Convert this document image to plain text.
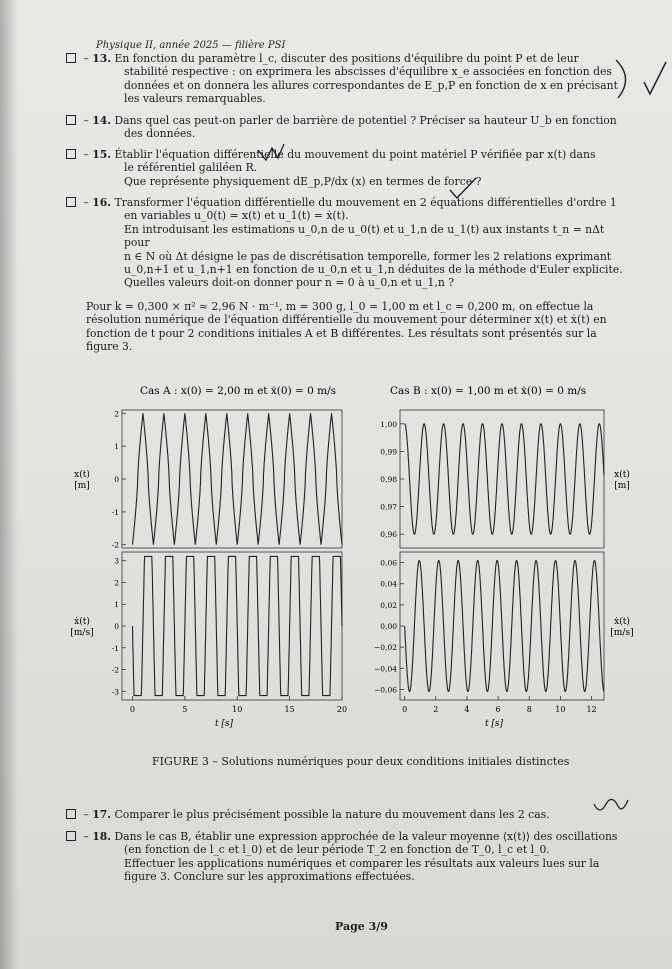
Physique II, année 2025 — filière PSI

– 13. En fonction du paramètre l_c, discuter des positions d'équilibre du point P et de leur

stabilité respective : on exprimera les abscisses d'équilibre x_e associées en fonction des

données et on donnera les allures correspondantes de E_p,P en fonction de x en précisant

les valeurs remarquables.

– 14. Dans quel cas peut-on parler de barrière de potentiel ? Préciser sa hauteur U_b en fonction

des données.

– 15. Établir l'équation différentielle du mouvement du point matériel P vérifiée par x(t) dans

le référentiel galiléen R.

Que représente physiquement dE_p,P/dx (x) en termes de force ?

– 16. Transformer l'équation différentielle du mouvement en 2 équations différentielles d'ordre 1

en variables u_0(t) = x(t) et u_1(t) = ẋ(t).

En introduisant les estimations u_0,n de u_0(t) et u_1,n de u_1(t) aux instants t_n = nΔt pour

n ∈ N où Δt désigne le pas de discrétisation temporelle, former les 2 relations exprimant

u_0,n+1 et u_1,n+1 en fonction de u_0,n et u_1,n déduites de la méthode d'Euler explicite.

Quelles valeurs doit-on donner pour n = 0 à u_0,n et u_1,n ?

Pour k = 0,300 × π² ≈ 2,96 N · m⁻¹, m = 300 g, l_0 = 1,00 m et l_c = 0,200 m, on effectue la

résolution numérique de l'équation différentielle du mouvement pour déterminer x(t) et ẋ(t) en

fonction de t pour 2 conditions initiales A et B différentes. Les résultats sont présentés sur la

figure 3.

Cas A : x(0) = 2,00 m et ẋ(0) = 0 m/s
2
1
0
-1
-2
x(t)
[m]
3
2
1
0
-1
-2
-3
ẋ(t)
[m/s]
0	5	10	15	20
t [s]
Cas B : x(0) = 1,00 m et ẋ(0) = 0 m/s
1,00
0,99
0,98
0,97
0,96
x(t)
[m]
0,06
0,04
0,02
0,00
−0,02
−0,04
−0,06
ẋ(t)
[m/s]
0	2	4	6	8	10	12
t [s]
FIGURE 3 – Solutions numériques pour deux conditions initiales distinctes

– 17. Comparer le plus précisément possible la nature du mouvement dans les 2 cas.

– 18. Dans le cas B, établir une expression approchée de la valeur moyenne ⟨x(t)⟩ des oscillations

(en fonction de l_c et l_0) et de leur période T_2 en fonction de T_0, l_c et l_0.

Effectuer les applications numériques et comparer les résultats aux valeurs lues sur la

figure 3. Conclure sur les approximations effectuées.

Page 3/9
